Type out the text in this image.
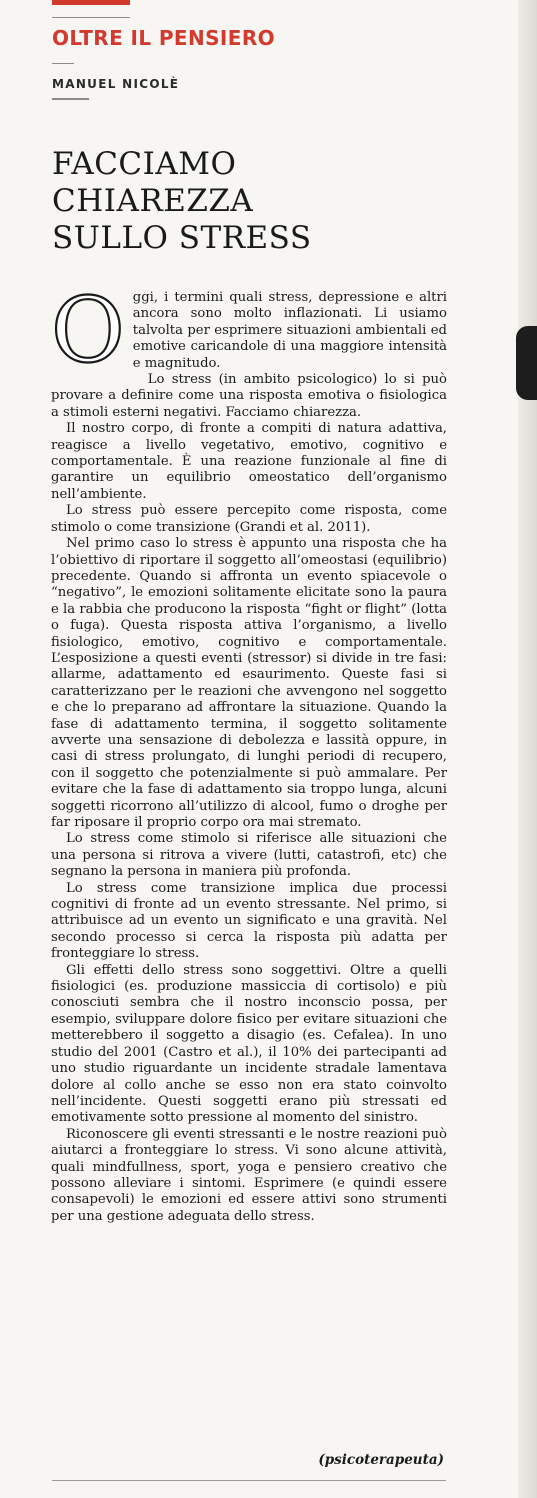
OLTRE IL PENSIERO
MANUEL NICOLÈ
FACCIAMO
CHIAREZZA
SULLO STRESS

Oggi, i termini quali stress, depressione e altri ancora sono molto inflazionati. Li usiamo talvolta per esprimere situazioni ambientali ed emotive caricandole di una maggiore intensità e magnitudo.

Lo stress (in ambito psicologico) lo si può provare a definire come una risposta emotiva o fisiologica a stimoli esterni negativi. Facciamo chiarezza.

Il nostro corpo, di fronte a compiti di natura adattiva, reagisce a livello vegetativo, emotivo, cognitivo e comportamentale. È una reazione funzionale al fine di garantire un equilibrio omeostatico dell’organismo nell’ambiente.

Lo stress può essere percepito come risposta, come stimolo o come transizione (Grandi et al. 2011).

Nel primo caso lo stress è appunto una risposta che ha l’obiettivo di riportare il soggetto all’omeostasi (equilibrio) precedente. Quando si affronta un evento spiacevole o “negativo”, le emozioni solitamente elicitate sono la paura e la rabbia che producono la risposta “fight or flight” (lotta o fuga). Questa risposta attiva l’organismo, a livello fisiologico, emotivo, cognitivo e comportamentale. L’esposizione a questi eventi (stressor) si divide in tre fasi: allarme, adattamento ed esaurimento. Queste fasi si caratterizzano per le reazioni che avvengono nel soggetto e che lo preparano ad affrontare la situazione. Quando la fase di adattamento termina, il soggetto solitamente avverte una sensazione di debolezza e lassità oppure, in casi di stress prolungato, di lunghi periodi di recupero, con il soggetto che potenzialmente si può ammalare. Per evitare che la fase di adattamento sia troppo lunga, alcuni soggetti ricorrono all’utilizzo di alcool, fumo o droghe per far riposare il proprio corpo ora mai stremato.

Lo stress come stimolo si riferisce alle situazioni che una persona si ritrova a vivere (lutti, catastrofi, etc) che segnano la persona in maniera più profonda.

Lo stress come transizione implica due processi cognitivi di fronte ad un evento stressante. Nel primo, si attribuisce ad un evento un significato e una gravità. Nel secondo processo si cerca la risposta più adatta per fronteggiare lo stress.

Gli effetti dello stress sono soggettivi. Oltre a quelli fisiologici (es. produzione massiccia di cortisolo) e più conosciuti sembra che il nostro inconscio possa, per esempio, sviluppare dolore fisico per evitare situazioni che metterebbero il soggetto a disagio (es. Cefalea). In uno studio del 2001 (Castro et al.), il 10% dei partecipanti ad uno studio riguardante un incidente stradale lamentava dolore al collo anche se esso non era stato coinvolto nell’incidente. Questi soggetti erano più stressati ed emotivamente sotto pressione al momento del sinistro.

Riconoscere gli eventi stressanti e le nostre reazioni può aiutarci a fronteggiare lo stress. Vi sono alcune attività, quali mindfullness, sport, yoga e pensiero creativo che possono alleviare i sintomi. Esprimere (e quindi essere consapevoli) le emozioni ed essere attivi sono strumenti per una gestione adeguata dello stress.

(psicoterapeuta)
